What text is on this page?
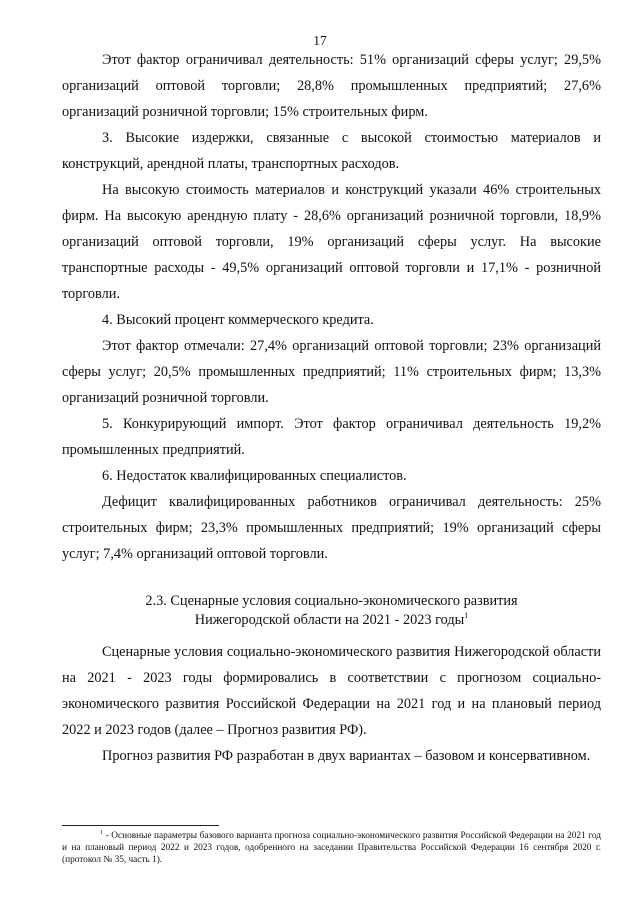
17

Этот фактор ограничивал деятельность: 51% организаций сферы услуг; 29,5% организаций оптовой торговли; 28,8% промышленных предприятий; 27,6% организаций розничной торговли; 15% строительных фирм.

3. Высокие издержки, связанные с высокой стоимостью материалов и конструкций, арендной платы, транспортных расходов.

На высокую стоимость материалов и конструкций указали 46% строительных фирм. На высокую арендную плату - 28,6% организаций розничной торговли, 18,9% организаций оптовой торговли, 19% организаций сферы услуг. На высокие транспортные расходы - 49,5% организаций оптовой торговли и 17,1% - розничной торговли.

4. Высокий процент коммерческого кредита.

Этот фактор отмечали: 27,4% организаций оптовой торговли; 23% организаций сферы услуг; 20,5% промышленных предприятий; 11% строительных фирм; 13,3% организаций розничной торговли.

5. Конкурирующий импорт. Этот фактор ограничивал деятельность 19,2% промышленных предприятий.

6. Недостаток квалифицированных специалистов.

Дефицит квалифицированных работников ограничивал деятельность: 25% строительных фирм; 23,3% промышленных предприятий; 19% организаций сферы услуг; 7,4% организаций оптовой торговли.

2.3. Сценарные условия социально-экономического развития
Нижегородской области на 2021 - 2023 годы$^1$

Сценарные условия социально-экономического развития Нижегородской области на 2021 - 2023 годы формировались в соответствии с прогнозом социально-экономического развития Российской Федерации на 2021 год и на плановый период 2022 и 2023 годов (далее – Прогноз развития РФ).

Прогноз развития РФ разработан в двух вариантах – базовом и консервативном.

$^1$ - Основные параметры базового варианта прогноза социально-экономического развития Российской Федерации на 2021 год и на плановый период 2022 и 2023 годов, одобренного на заседании Правительства Российской Федерации 16 сентября 2020 г. (протокол № 35, часть 1).
